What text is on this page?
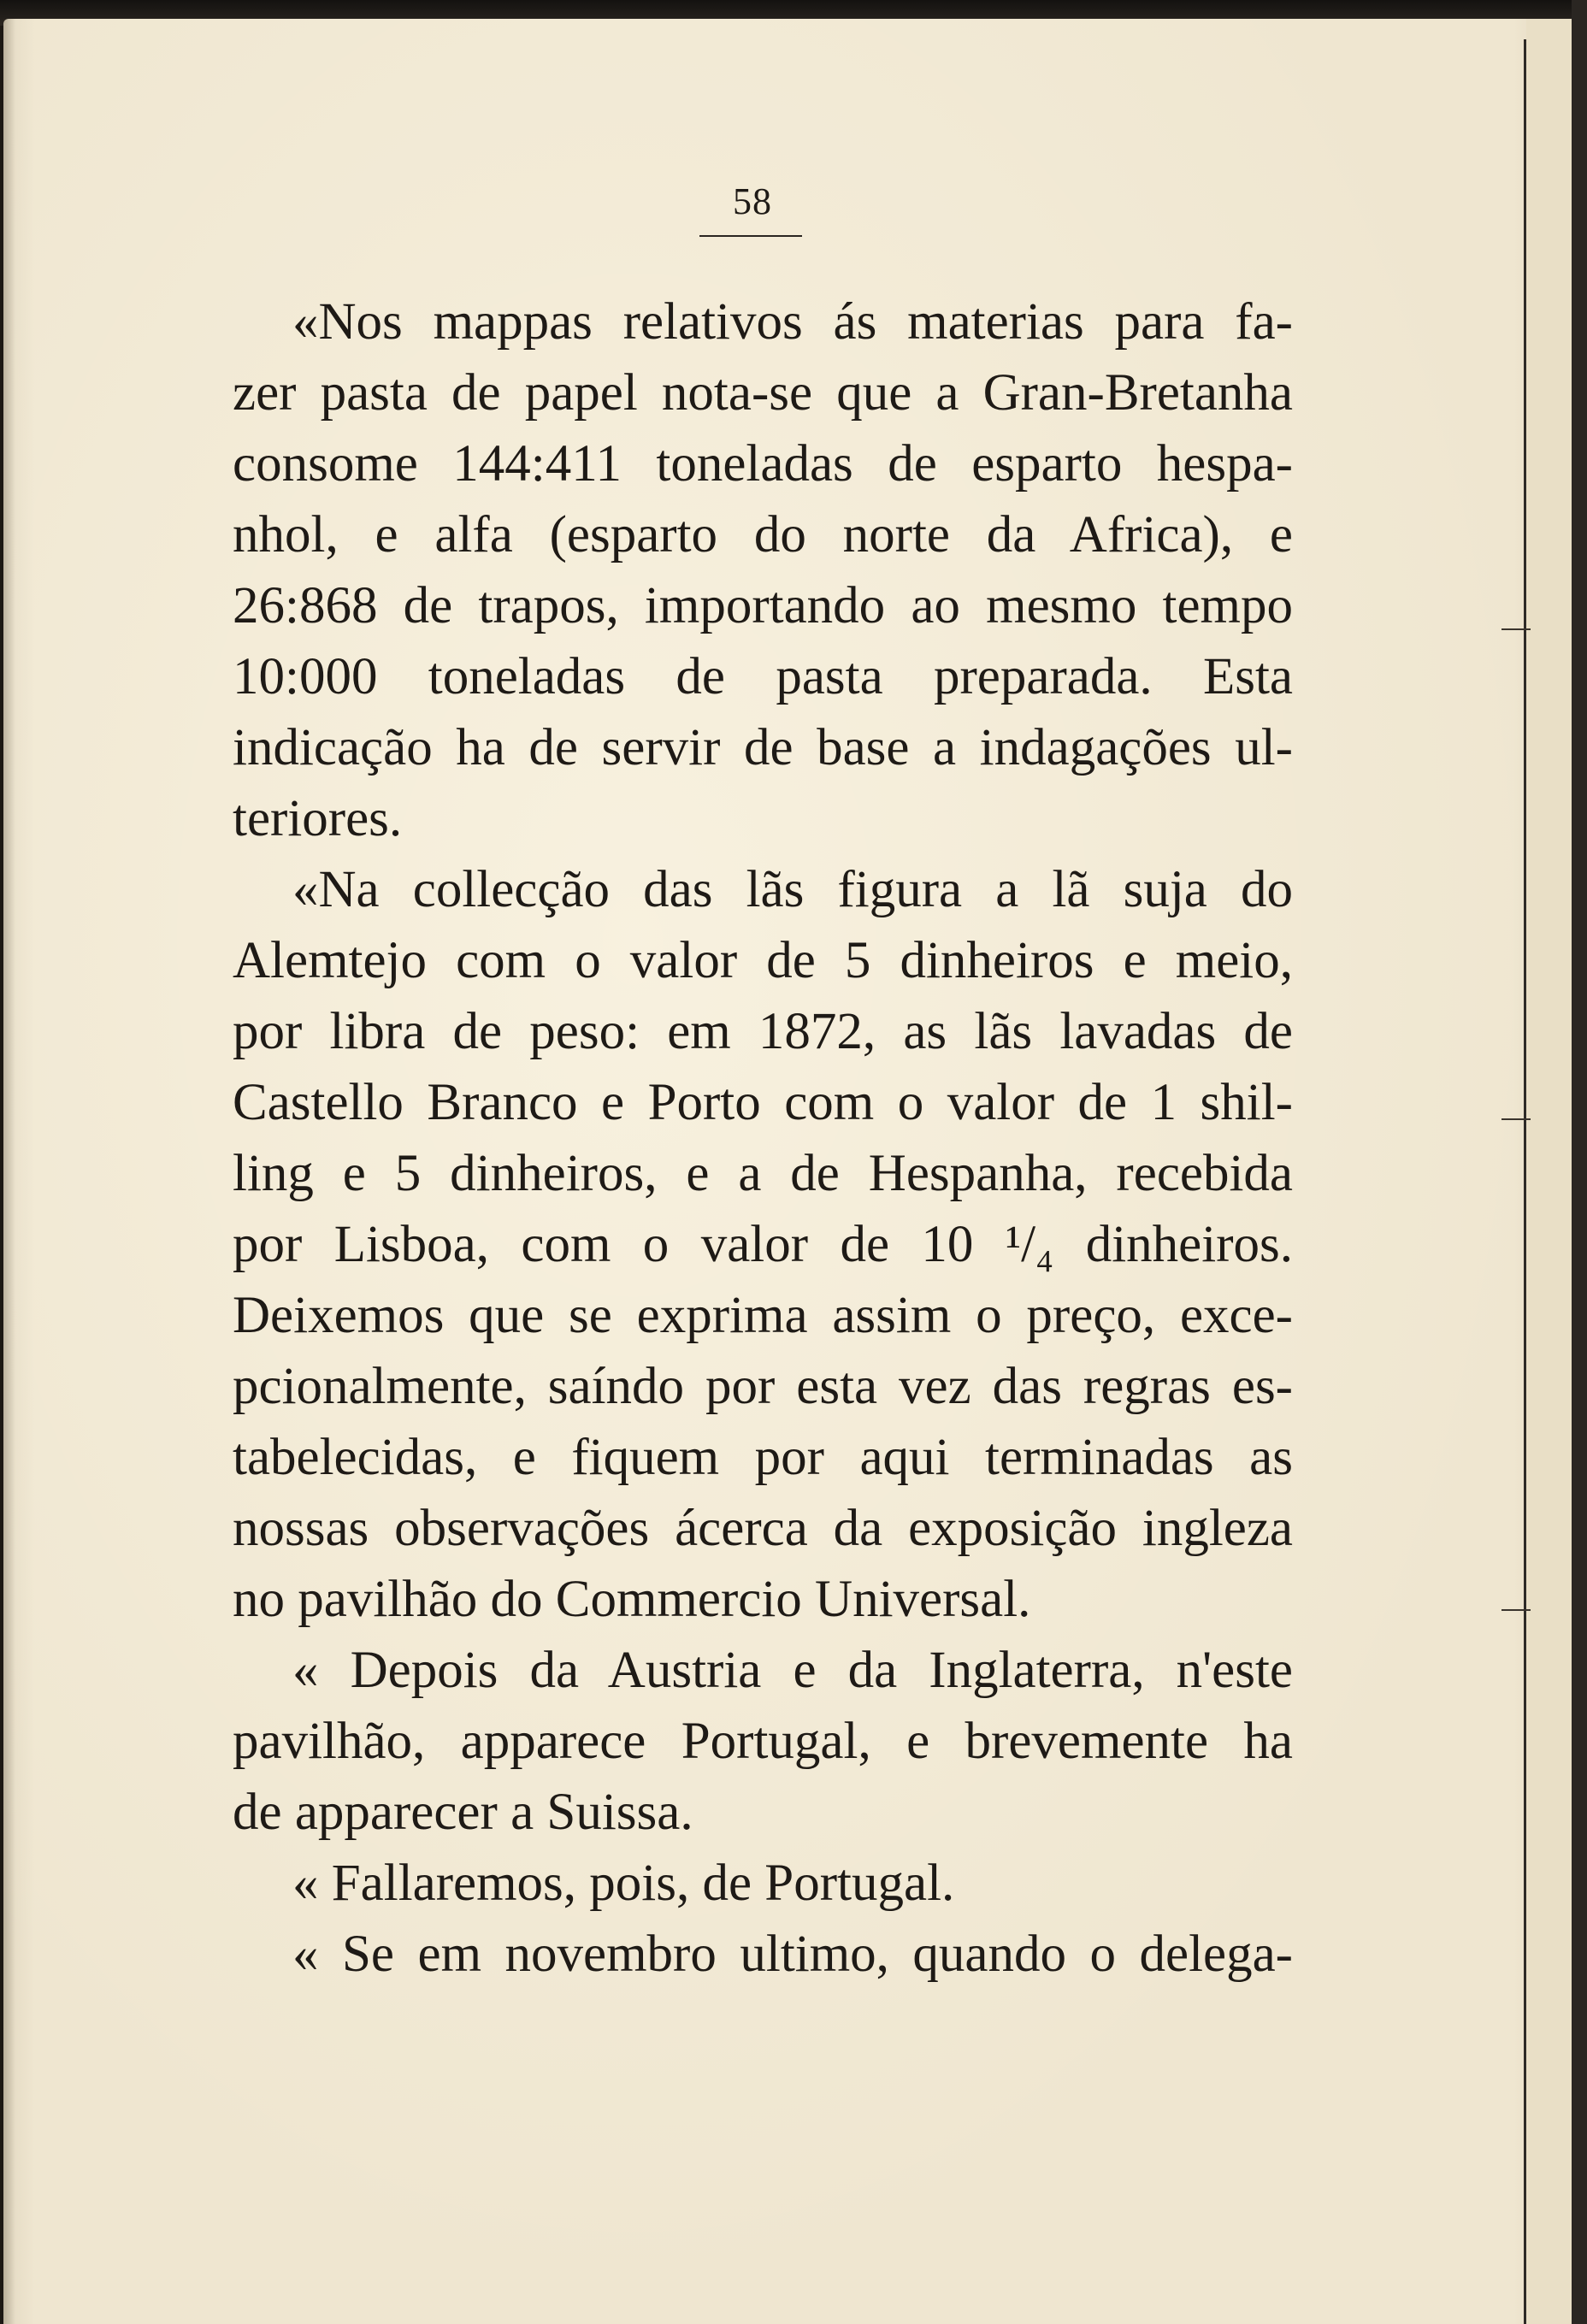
58
«Nos mappas relativos ás materias para fa-
zer pasta de papel nota-se que a Gran-Bretanha
consome 144:411 toneladas de esparto hespa-
nhol, e alfa (esparto do norte da Africa), e
26:868 de trapos, importando ao mesmo tempo
10:000 toneladas de pasta preparada. Esta
indicação ha de servir de base a indagações ul-
teriores.
«Na collecção das lãs figura a lã suja do
Alemtejo com o valor de 5 dinheiros e meio,
por libra de peso: em 1872, as lãs lavadas de
Castello Branco e Porto com o valor de 1 shil-
ling e 5 dinheiros, e a de Hespanha, recebida
por Lisboa, com o valor de 10 ¹/₄ dinheiros.
Deixemos que se exprima assim o preço, exce-
pcionalmente, saíndo por esta vez das regras es-
tabelecidas, e fiquem por aqui terminadas as
nossas observações ácerca da exposição ingleza
no pavilhão do Commercio Universal.
« Depois da Austria e da Inglaterra, n'este
pavilhão, apparece Portugal, e brevemente ha
de apparecer a Suissa.
« Fallaremos, pois, de Portugal.
« Se em novembro ultimo, quando o delega-
